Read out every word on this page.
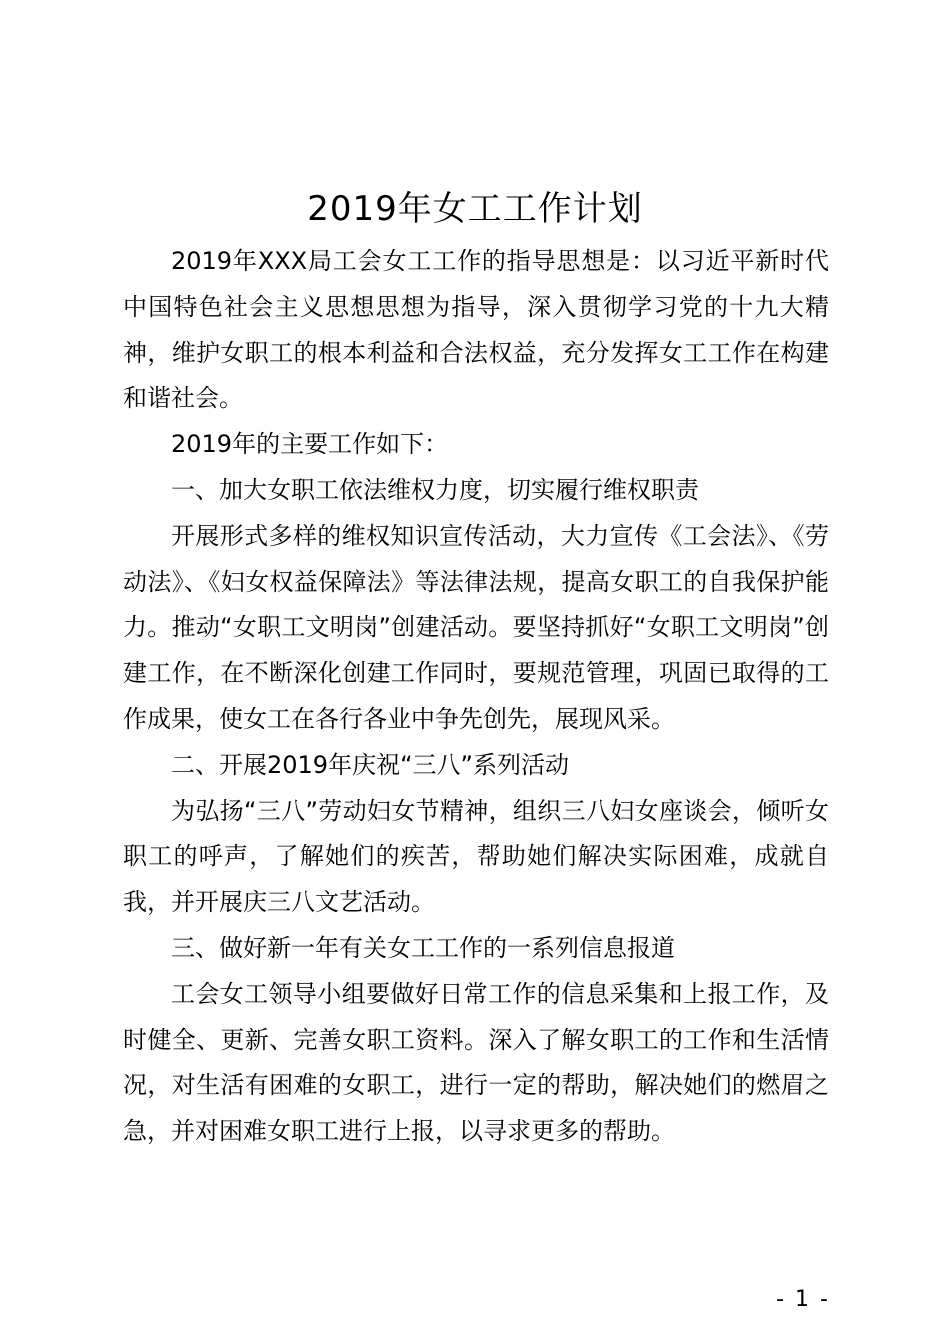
2019年女工工作计划

2019年XXX局工会女工工作的指导思想是：以习近平新时代中国特色社会主义思想思想为指导，深入贯彻学习党的十九大精神，维护女职工的根本利益和合法权益，充分发挥女工工作在构建和谐社会。

2019年的主要工作如下：

一、加大女职工依法维权力度，切实履行维权职责

开展形式多样的维权知识宣传活动，大力宣传《工会法》、《劳动法》、《妇女权益保障法》等法律法规，提高女职工的自我保护能力。推动“女职工文明岗”创建活动。要坚持抓好“女职工文明岗”创建工作，在不断深化创建工作同时，要规范管理，巩固已取得的工作成果，使女工在各行各业中争先创先，展现风采。

二、开展2019年庆祝“三八”系列活动

为弘扬“三八”劳动妇女节精神，组织三八妇女座谈会，倾听女职工的呼声，了解她们的疾苦，帮助她们解决实际困难，成就自我，并开展庆三八文艺活动。

三、做好新一年有关女工工作的一系列信息报道

工会女工领导小组要做好日常工作的信息采集和上报工作，及时健全、更新、完善女职工资料。深入了解女职工的工作和生活情况，对生活有困难的女职工，进行一定的帮助，解决她们的燃眉之急，并对困难女职工进行上报，以寻求更多的帮助。

- 1 -
